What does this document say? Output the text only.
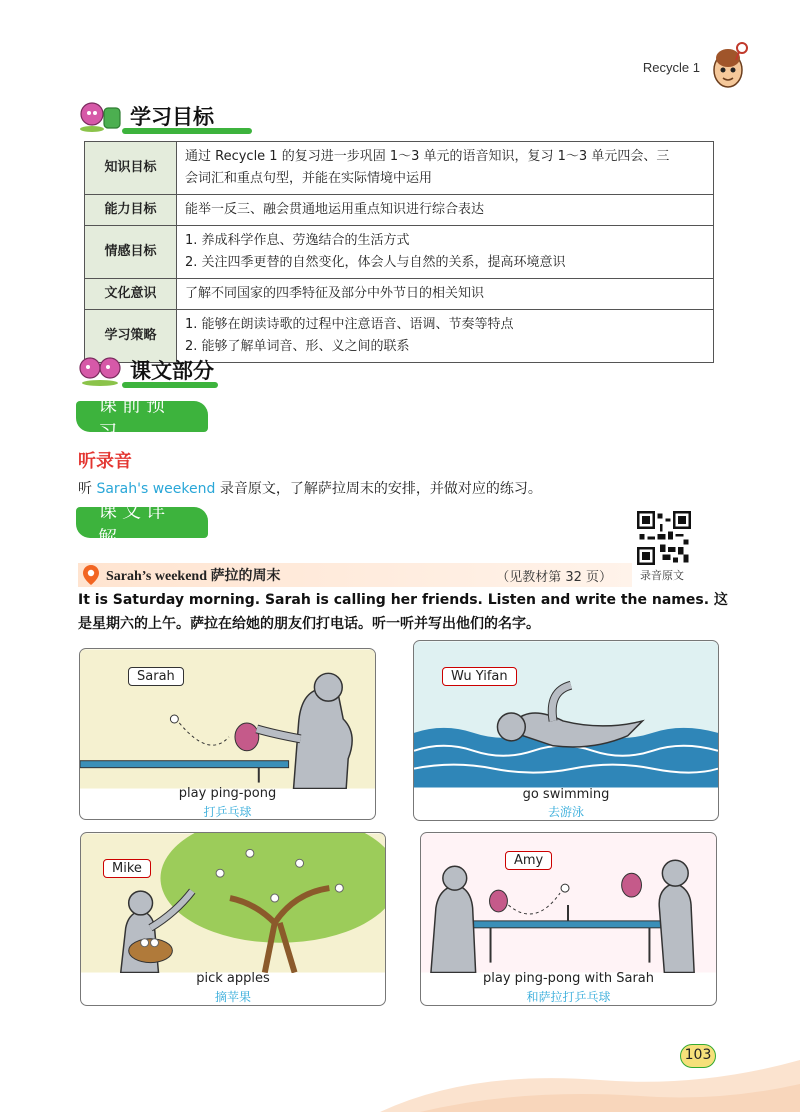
Recycle 1
学习目标
知识目标	通过 Recycle 1 的复习进一步巩固 1～3 单元的语音知识，复习 1～3 单元四会、三
会词汇和重点句型，并能在实际情境中运用

能力目标	能举一反三、融会贯通地运用重点知识进行综合表达

情感目标	1. 养成科学作息、劳逸结合的生活方式
2. 关注四季更替的自然变化，体会人与自然的关系，提高环境意识

文化意识	了解不同国家的四季特征及部分中外节日的相关知识

学习策略	1. 能够在朗读诗歌的过程中注意语音、语调、节奏等特点
2. 能够了解单词音、形、义之间的联系
课文部分
课前预习
听录音
听 Sarah's weekend 录音原文，了解萨拉周末的安排，并做对应的练习。
课文详解
录音原文
Sarah’s weekend 萨拉的周末	（见教材第 32 页）
It is Saturday morning. Sarah is calling her friends. Listen and write the names. 这是星期六的上午。萨拉在给她的朋友们打电话。听一听并写出他们的名字。
Sarah
play ping-pong
打乒乓球
Wu Yifan
go swimming
去游泳
Mike
pick apples
摘苹果
Amy
play ping-pong with Sarah
和萨拉打乒乓球
103
